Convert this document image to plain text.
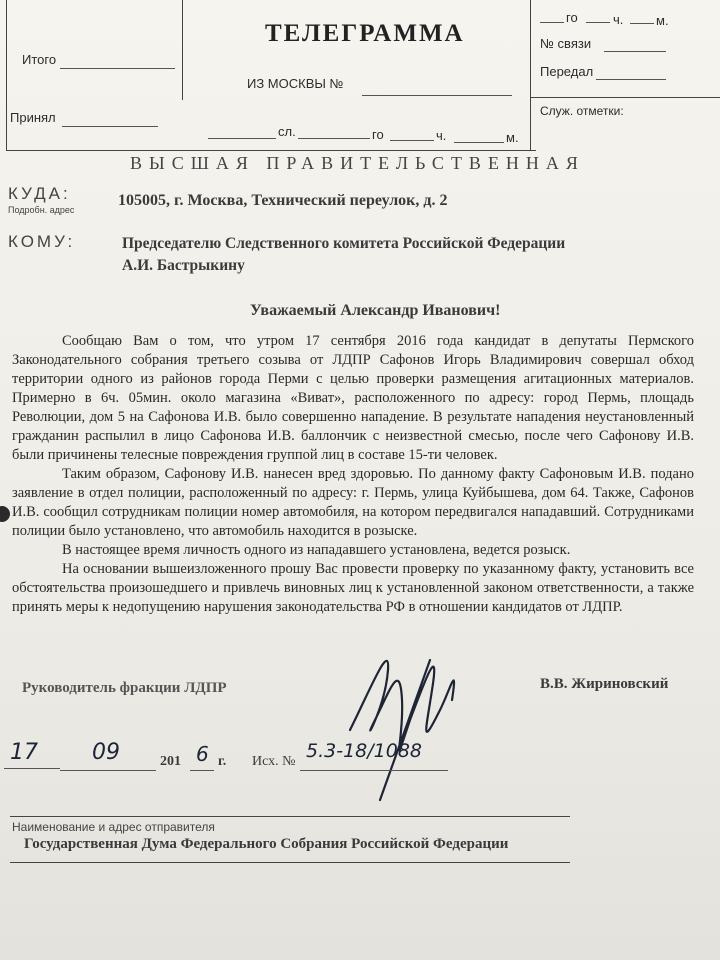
ТЕЛЕГРАММА
ИЗ МОСКВЫ №
Итого
Принял
сл.	го	ч.	м.
го	ч.	м.
№ связи
Передал
Служ. отметки:
ВЫСШАЯ ПРАВИТЕЛЬСТВЕННАЯ
КУДА:
Подробн. адрес
105005, г. Москва, Технический переулок, д. 2
КОМУ:	Председателю Следственного комитета Российской Федерации
А.И. Бастрыкину
Уважаемый Александр Иванович!

Сообщаю Вам о том, что утром 17 сентября 2016 года кандидат в депутаты Пермского Законодательного собрания третьего созыва от ЛДПР Сафонов Игорь Владимирович совершал обход территории одного из районов города Перми с целью проверки размещения агитационных материалов. Примерно в 6ч. 05мин. около магазина «Виват», расположенного по адресу: город Пермь, площадь Революции, дом 5 на Сафонова И.В. было совершенно нападение. В результате нападения неустановленный гражданин распылил в лицо Сафонова И.В. баллончик с неизвестной смесью, после чего Сафонову И.В. были причинены телесные повреждения группой лиц в составе 15-ти человек.

Таким образом, Сафонову И.В. нанесен вред здоровью. По данному факту Сафоновым И.В. подано заявление в отдел полиции, расположенный по адресу: г. Пермь, улица Куйбышева, дом 64. Также, Сафонов И.В. сообщил сотрудникам полиции номер автомобиля, на котором передвигался нападавший. Сотрудниками полиции было установлено, что автомобиль находится в розыске.

В настоящее время личность одного из нападавшего установлена, ведется розыск.

На основании вышеизложенного прошу Вас провести проверку по указанному факту, установить все обстоятельства произошедшего и привлечь виновных лиц к установленной законом ответственности, а также принять меры к недопущению нарушения законодательства РФ в отношении кандидатов от ЛДПР.

Руководитель фракции ЛДПР	В.В. Жириновский
17 09	201 6 г. Исх. № 5.3-18/1088
Наименование и адрес отправителя
Государственная Дума Федерального Собрания Российской Федерации
